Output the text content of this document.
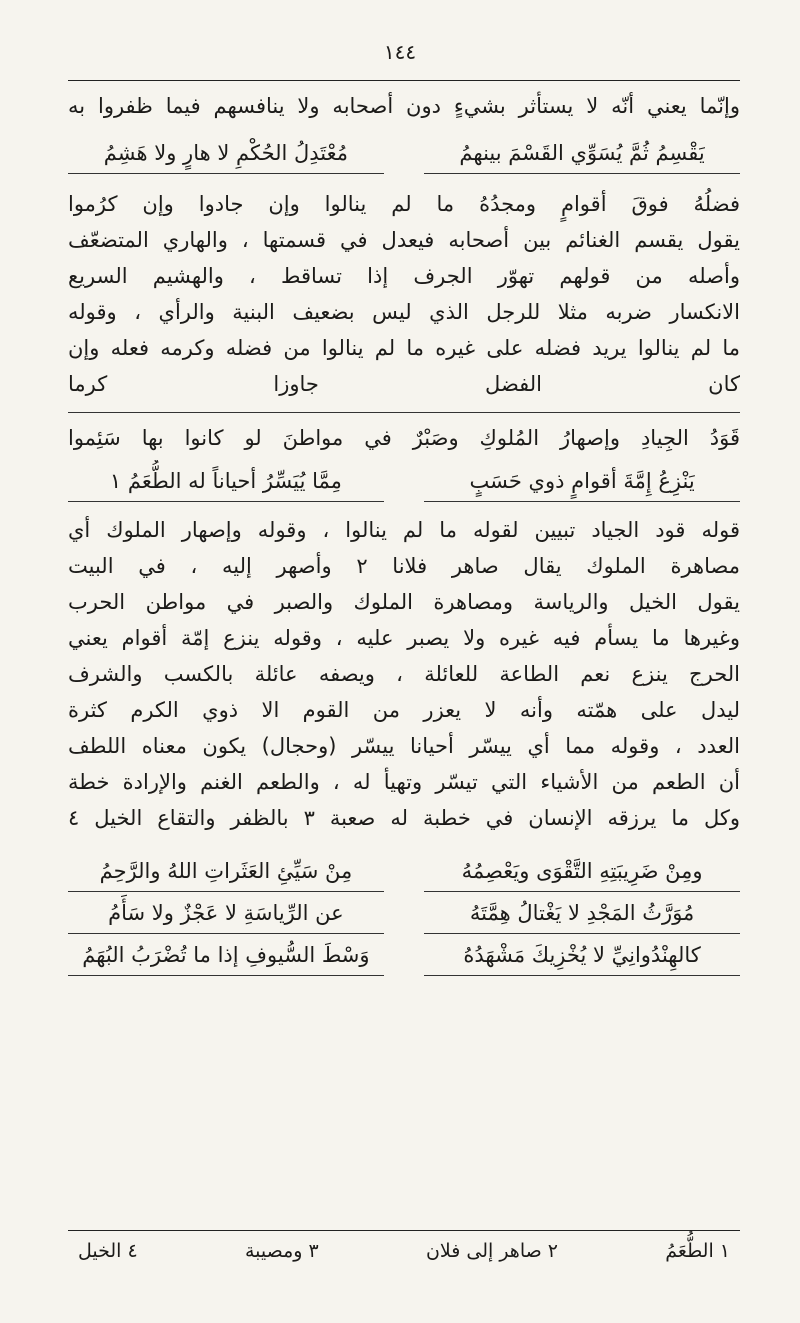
١٤٤
وإنّما يعني أنّه لا يستأثر بشيءٍ دون أصحابه ولا ينافسهم فيما ظفروا به
يَقْسِمُ ثُمَّ يُسَوِّي القَسْمَ بينهمُ
مُعْتَدِلُ الحُكْمِ لا هارٍ ولا هَشِمُ
فضلُهُ فوقَ أقوامٍ ومجدُهُ ما لم ينالوا وإن جادوا وإن كرُموا
يقول يقسم الغنائم بين أصحابه فيعدل في قسمتها ، والهاري المتضعّف
وأصله من قولهم تهوّر الجرف إذا تساقط ، والهشيم السريع
الانكسار ضربه مثلا للرجل الذي ليس بضعيف البنية والرأي ، وقوله
ما لم ينالوا يريد فضله على غيره ما لم ينالوا من فضله وكرمه فعله وإن
كان الفضل جاوزا كرما
قَوَدُ الجِيادِ وإصهارُ المُلوكِ وصَبْرٌ في مواطنَ لو كانوا بها سَئِموا
يَنْزِعُ إِمَّةَ أقوامٍ ذوي حَسَبٍ
مِمَّا يُيَسِّرُ أحياناً له الطُّعَمُ ١
قوله قود الجياد تبيين لقوله ما لم ينالوا ، وقوله وإصهار الملوك أي
مصاهرة الملوك يقال صاهر فلانا ٢ وأصهر إليه ، في البيت
يقول الخيل والرياسة ومصاهرة الملوك والصبر في مواطن الحرب
وغيرها ما يسأم فيه غيره ولا يصبر عليه ، وقوله ينزع إمّة أقوام يعني
الحرج ينزع نعم الطاعة للعائلة ، ويصفه عائلة بالكسب والشرف
ليدل على همّته وأنه لا يعزر من القوم الا ذوي الكرم كثرة
العدد ، وقوله مما أي ييسّر أحيانا ييسّر (وحجال) يكون معناه اللطف
أن الطعم من الأشياء التي تيسّر وتهيأ له ، والطعم الغنم والإرادة خطة
وكل ما يرزقه الإنسان في خطبة له صعبة ٣ بالظفر والتقاع الخيل ٤
ومِنْ ضَرِيبَتِهِ التَّقْوَى ويَعْصِمُهُ
مِنْ سَيِّئِ العَثَراتِ اللهُ والرَّحِمُ
مُوَرَّثُ المَجْدِ لا يَغْتالُ هِمَّتَهُ
عن الرِّياسَةِ لا عَجْزٌ ولا سَأَمُ
كالهِنْدُوانِيِّ لا يُخْزِيكَ مَشْهَدُهُ
وَسْطَ السُّيوفِ إذا ما تُضْرَبُ البُهَمُ
١ الطُّعَمُ
٢ صاهر إلى فلان
٣ ومصيبة
٤ الخيل
